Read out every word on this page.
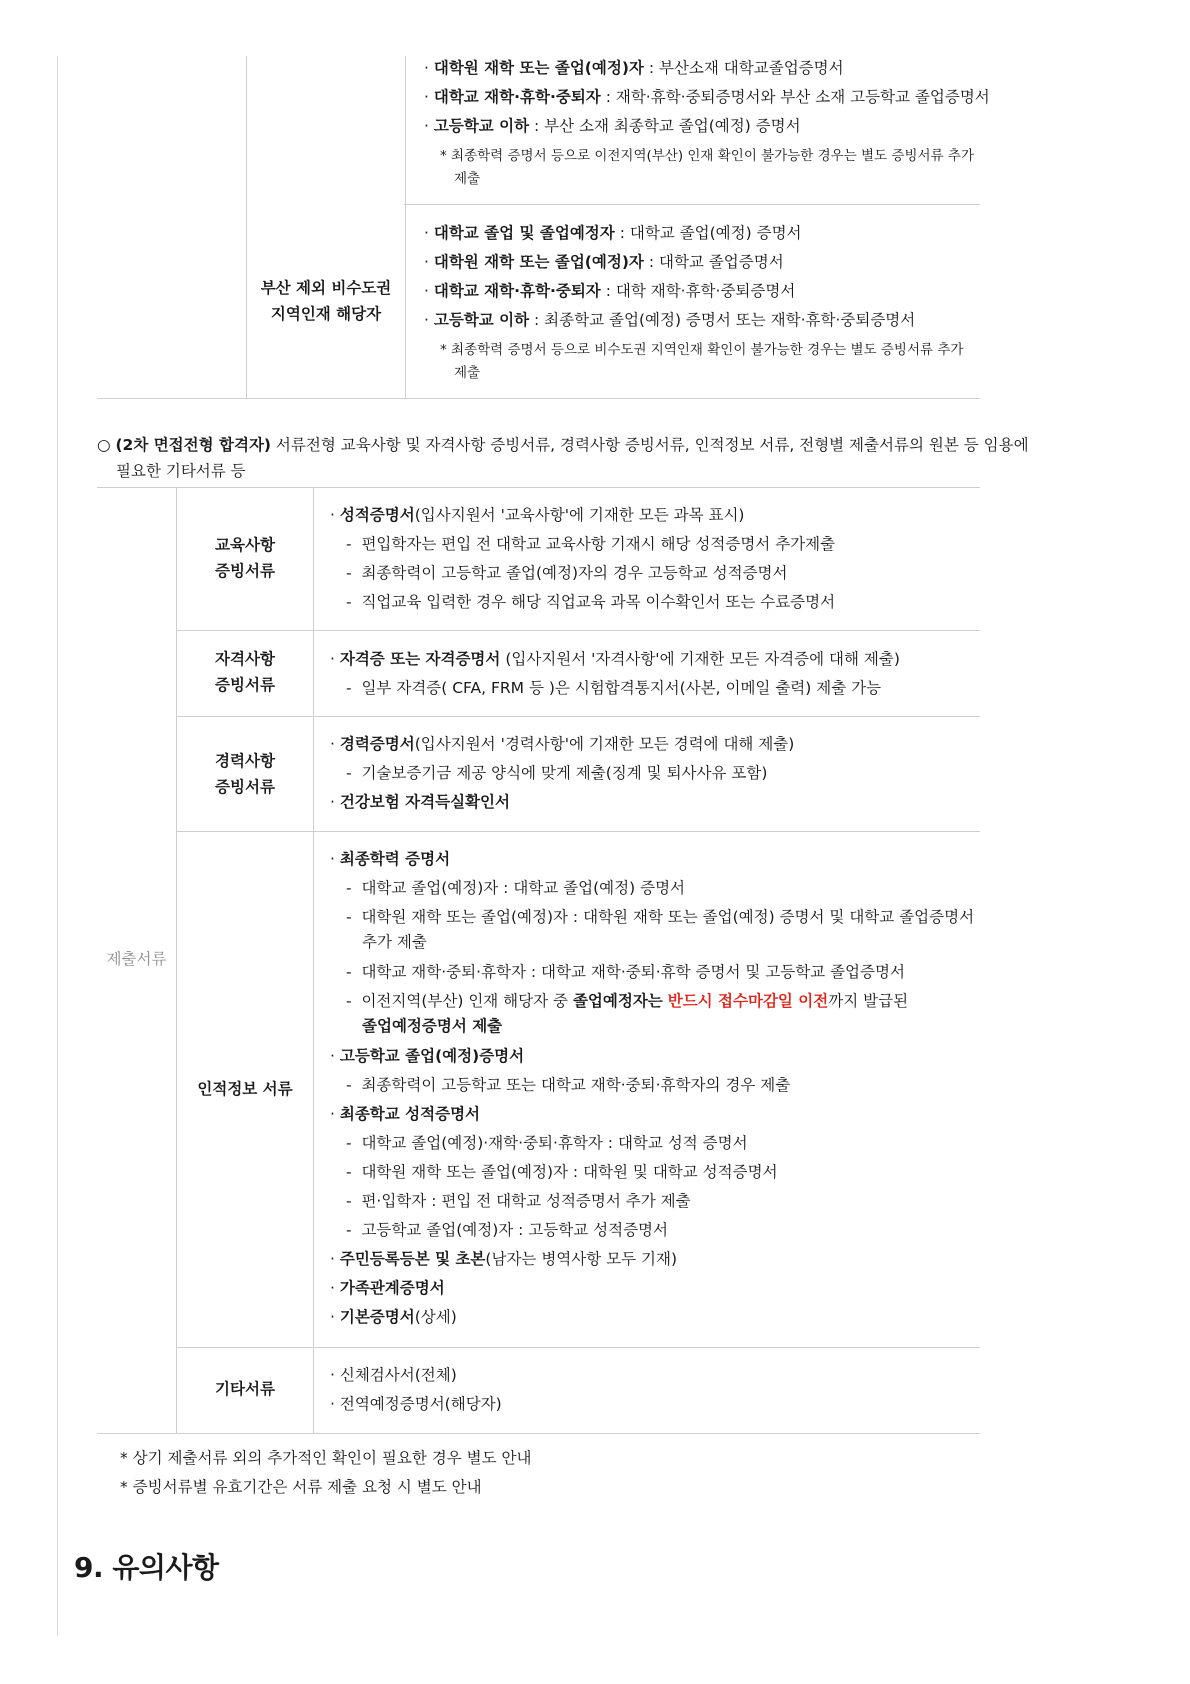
· 대학원 재학 또는 졸업(예정)자 : 부산소재 대학교졸업증명서
· 대학교 재학·휴학·중퇴자 : 재학·휴학·중퇴증명서와 부산 소재 고등학교 졸업증명서
· 고등학교 이하 : 부산 소재 최종학교 졸업(예정) 증명서
* 최종학력 증명서 등으로 이전지역(부산) 인재 확인이 불가능한 경우는 별도 증빙서류 추가
제출
부산 제외 비수도권
지역인재 해당자
· 대학교 졸업 및 졸업예정자 : 대학교 졸업(예정) 증명서
· 대학원 재학 또는 졸업(예정)자 : 대학교 졸업증명서
· 대학교 재학·휴학·중퇴자 : 대학 재학·휴학·중퇴증명서
· 고등학교 이하 : 최종학교 졸업(예정) 증명서 또는 재학·휴학·중퇴증명서
* 최종학력 증명서 등으로 비수도권 지역인재 확인이 불가능한 경우는 별도 증빙서류 추가
제출
○ (2차 면접전형 합격자) 서류전형 교육사항 및 자격사항 증빙서류, 경력사항 증빙서류, 인적정보 서류, 전형별 제출서류의 원본 등 임용에
필요한 기타서류 등
제출서류
교육사항
증빙서류
· 성적증명서(입사지원서 '교육사항'에 기재한 모든 과목 표시)
-  편입학자는 편입 전 대학교 교육사항 기재시 해당 성적증명서 추가제출
-  최종학력이 고등학교 졸업(예정)자의 경우 고등학교 성적증명서
-  직업교육 입력한 경우 해당 직업교육 과목 이수확인서 또는 수료증명서
자격사항
증빙서류
· 자격증 또는 자격증명서 (입사지원서 '자격사항'에 기재한 모든 자격증에 대해 제출)
-  일부 자격증( CFA, FRM 등 )은 시험합격통지서(사본, 이메일 출력) 제출 가능
경력사항
증빙서류
· 경력증명서(입사지원서 '경력사항'에 기재한 모든 경력에 대해 제출)
-  기술보증기금 제공 양식에 맞게 제출(징계 및 퇴사사유 포함)
· 건강보험 자격득실확인서
인적정보 서류
· 최종학력 증명서
-  대학교 졸업(예정)자 : 대학교 졸업(예정) 증명서
-  대학원 재학 또는 졸업(예정)자 : 대학원 재학 또는 졸업(예정) 증명서 및 대학교 졸업증명서
추가 제출
-  대학교 재학·중퇴·휴학자 : 대학교 재학·중퇴·휴학 증명서 및 고등학교 졸업증명서
-  이전지역(부산) 인재 해당자 중 졸업예정자는 반드시 접수마감일 이전까지 발급된
졸업예정증명서 제출
· 고등학교 졸업(예정)증명서
-  최종학력이 고등학교 또는 대학교 재학·중퇴·휴학자의 경우 제출
· 최종학교 성적증명서
-  대학교 졸업(예정)·재학·중퇴·휴학자 : 대학교 성적 증명서
-  대학원 재학 또는 졸업(예정)자 : 대학원 및 대학교 성적증명서
-  편·입학자 : 편입 전 대학교 성적증명서 추가 제출
-  고등학교 졸업(예정)자 : 고등학교 성적증명서
· 주민등록등본 및 초본(남자는 병역사항 모두 기재)
· 가족관계증명서
· 기본증명서(상세)
기타서류
· 신체검사서(전체)
· 전역예정증명서(해당자)
* 상기 제출서류 외의 추가적인 확인이 필요한 경우 별도 안내
* 증빙서류별 유효기간은 서류 제출 요청 시 별도 안내
9. 유의사항
